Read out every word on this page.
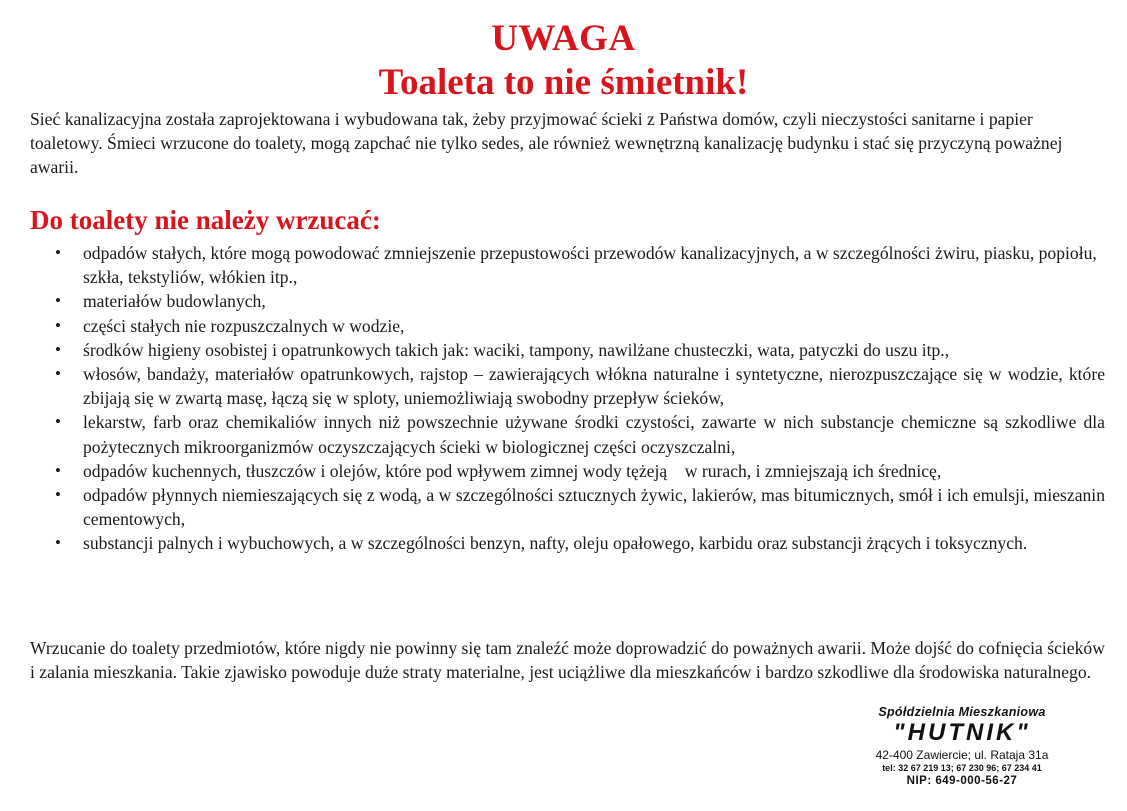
UWAGA
Toaleta to nie śmietnik!
Sieć kanalizacyjna została zaprojektowana i wybudowana tak, żeby przyjmować ścieki z Państwa domów, czyli nieczystości sanitarne i papier toaletowy. Śmieci wrzucone do toalety, mogą zapchać nie tylko sedes, ale również wewnętrzną kanalizację budynku i stać się przyczyną poważnej awarii.
Do toalety nie należy wrzucać:
• odpadów stałych, które mogą powodować zmniejszenie przepustowości przewodów kanalizacyjnych, a w szczególności żwiru, piasku, popiołu, szkła, tekstyliów, włókien itp.,
• materiałów budowlanych,
• części stałych nie rozpuszczalnych w wodzie,
• środków higieny osobistej i opatrunkowych takich jak: waciki, tampony, nawilżane chusteczki, wata, patyczki do uszu itp.,
• włosów, bandaży, materiałów opatrunkowych, rajstop – zawierających włókna naturalne i syntetyczne, nierozpuszczające się w wodzie, które zbijają się w zwartą masę, łączą się w sploty, uniemożliwiają swobodny przepływ ścieków,
• lekarstw, farb oraz chemikaliów innych niż powszechnie używane środki czystości, zawarte w nich substancje chemiczne są szkodliwe dla pożytecznych mikroorganizmów oczyszczających ścieki w biologicznej części oczyszczalni,
• odpadów kuchennych, tłuszczów i olejów, które pod wpływem zimnej wody tężeją    w rurach, i zmniejszają ich średnicę,
• odpadów płynnych niemieszających się z wodą, a w szczególności sztucznych żywic, lakierów, mas bitumicznych, smół i ich emulsji, mieszanin cementowych,
• substancji palnych i wybuchowych, a w szczególności benzyn, nafty, oleju opałowego, karbidu oraz substancji żrących i toksycznych.
Wrzucanie do toalety przedmiotów, które nigdy nie powinny się tam znaleźć może doprowadzić do poważnych awarii. Może dojść do cofnięcia ścieków i zalania mieszkania. Takie zjawisko powoduje duże straty materialne, jest uciążliwe dla mieszkańców i bardzo szkodliwe dla środowiska naturalnego.
Spółdzielnia Mieszkaniowa
"HUTNIK"
42-400 Zawiercie; ul. Rataja 31a
tel: 32 67 219 13; 67 230 96; 67 234 41
NIP: 649-000-56-27
